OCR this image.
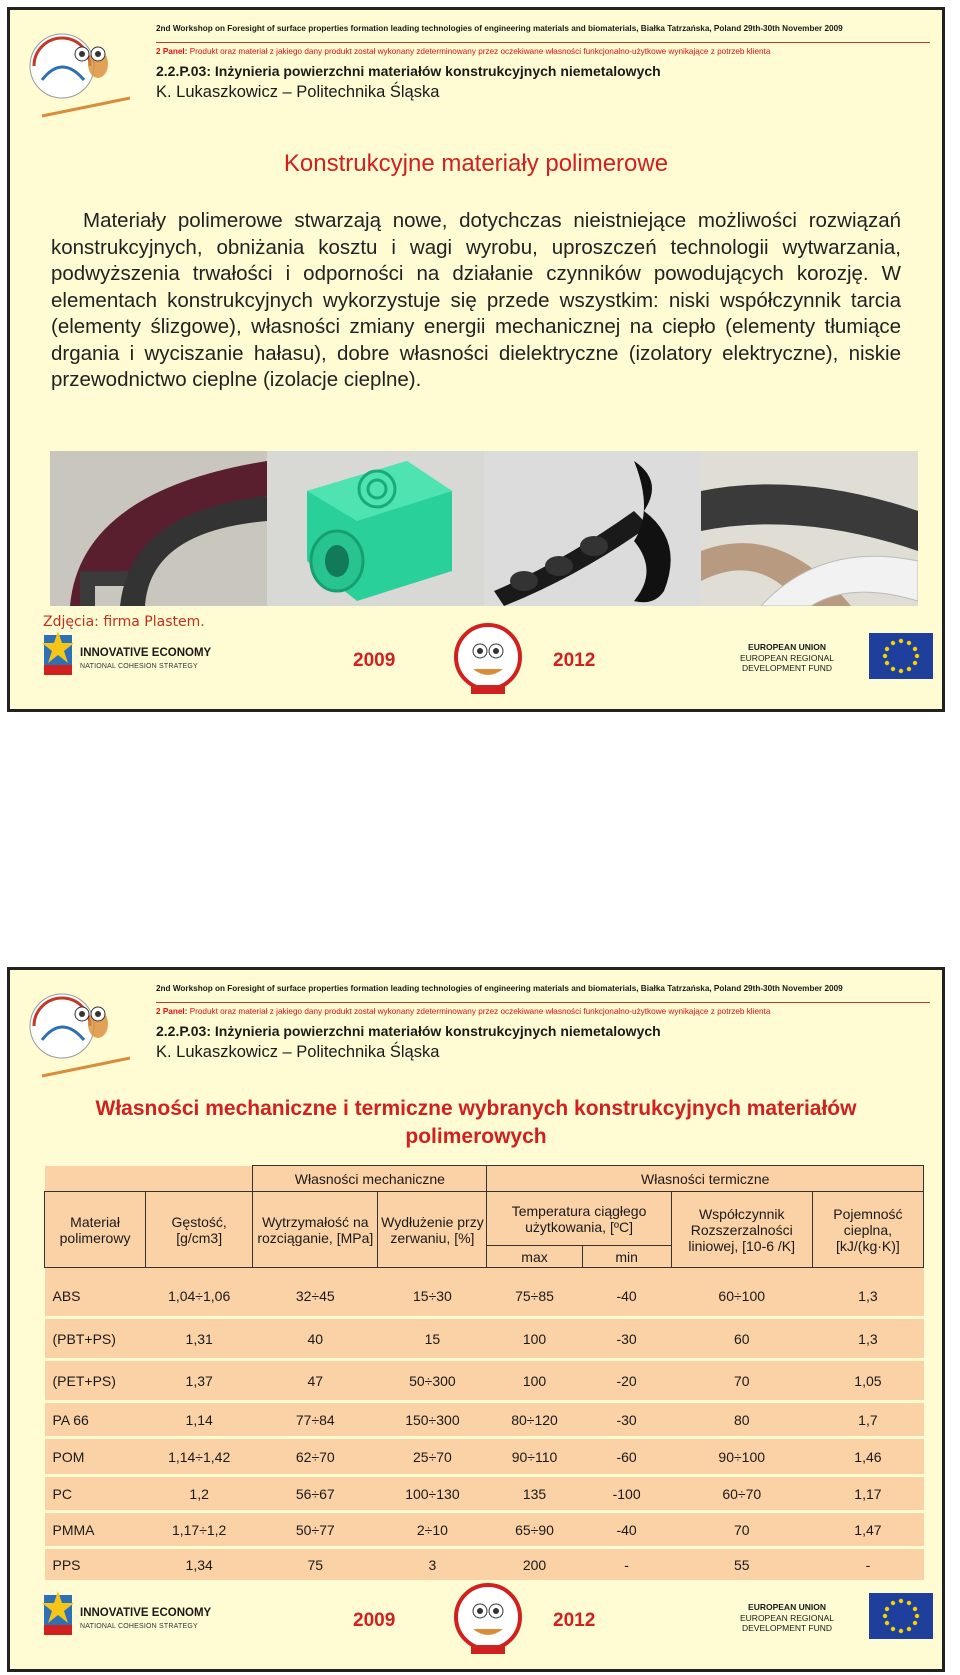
2nd Workshop on Foresight of surface properties formation leading technologies of engineering materials and biomaterials, Białka Tatrzańska, Poland 29th-30th November 2009
2 Panel: Produkt oraz materiał z jakiego dany produkt został wykonany zdeterminowany przez oczekiwane własności funkcjonalno-użytkowe wynikające z potrzeb klienta
2.2.P.03: Inżynieria powierzchni materiałów konstrukcyjnych niemetalowych
K. Lukaszkowicz – Politechnika Śląska
Konstrukcyjne materiały polimerowe
Materiały polimerowe stwarzają nowe, dotychczas nieistniejące możliwości rozwiązań konstrukcyjnych, obniżania kosztu i wagi wyrobu, uproszczeń technologii wytwarzania, podwyższenia trwałości i odporności na działanie czynników powodujących korozję. W elementach konstrukcyjnych wykorzystuje się przede wszystkim: niski współczynnik tarcia (elementy ślizgowe), własności zmiany energii mechanicznej na ciepło (elementy tłumiące drgania i wyciszanie hałasu), dobre własności dielektryczne (izolatory elektryczne), niskie przewodnictwo cieplne (izolacje cieplne).
Zdjęcia: firma Plastem.
INNOVATIVE ECONOMY
NATIONAL COHESION STRATEGY	2009	2012
EUROPEAN UNION
EUROPEAN REGIONAL
DEVELOPMENT FUND
2nd Workshop on Foresight of surface properties formation leading technologies of engineering materials and biomaterials, Białka Tatrzańska, Poland 29th-30th November 2009
2 Panel: Produkt oraz materiał z jakiego dany produkt został wykonany zdeterminowany przez oczekiwane własności funkcjonalno-użytkowe wynikające z potrzeb klienta
2.2.P.03: Inżynieria powierzchni materiałów konstrukcyjnych niemetalowych
K. Lukaszkowicz – Politechnika Śląska
Własności mechaniczne i termiczne wybranych konstrukcyjnych materiałów polimerowych
		Własności mechaniczne		Własności termiczne			
Materiał polimerowy	Gęstość, [g/cm3]	Wytrzymałość na rozciąganie, [MPa]	Wydłużenie przy zerwaniu, [%]	Temperatura ciągłego użytkowania, [ºC]		Współczynnik Rozszerzalności liniowej, [10-6 /K]	Pojemność cieplna, [kJ/(kg·K)]
				max	min		

ABS	1,04÷1,06	32÷45	15÷30	75÷85	-40	60÷100	1,3
(PBT+PS)	1,31	40	15	100	-30	60	1,3
(PET+PS)	1,37	47	50÷300	100	-20	70	1,05
PA 66	1,14	77÷84	150÷300	80÷120	-30	80	1,7
POM	1,14÷1,42	62÷70	25÷70	90÷110	-60	90÷100	1,46
PC	1,2	56÷67	100÷130	135	-100	60÷70	1,17
PMMA	1,17÷1,2	50÷77	2÷10	65÷90	-40	70	1,47
PPS	1,34	75	3	200	-	55	-
INNOVATIVE ECONOMY
NATIONAL COHESION STRATEGY	2009	2012
EUROPEAN UNION
EUROPEAN REGIONAL
DEVELOPMENT FUND
